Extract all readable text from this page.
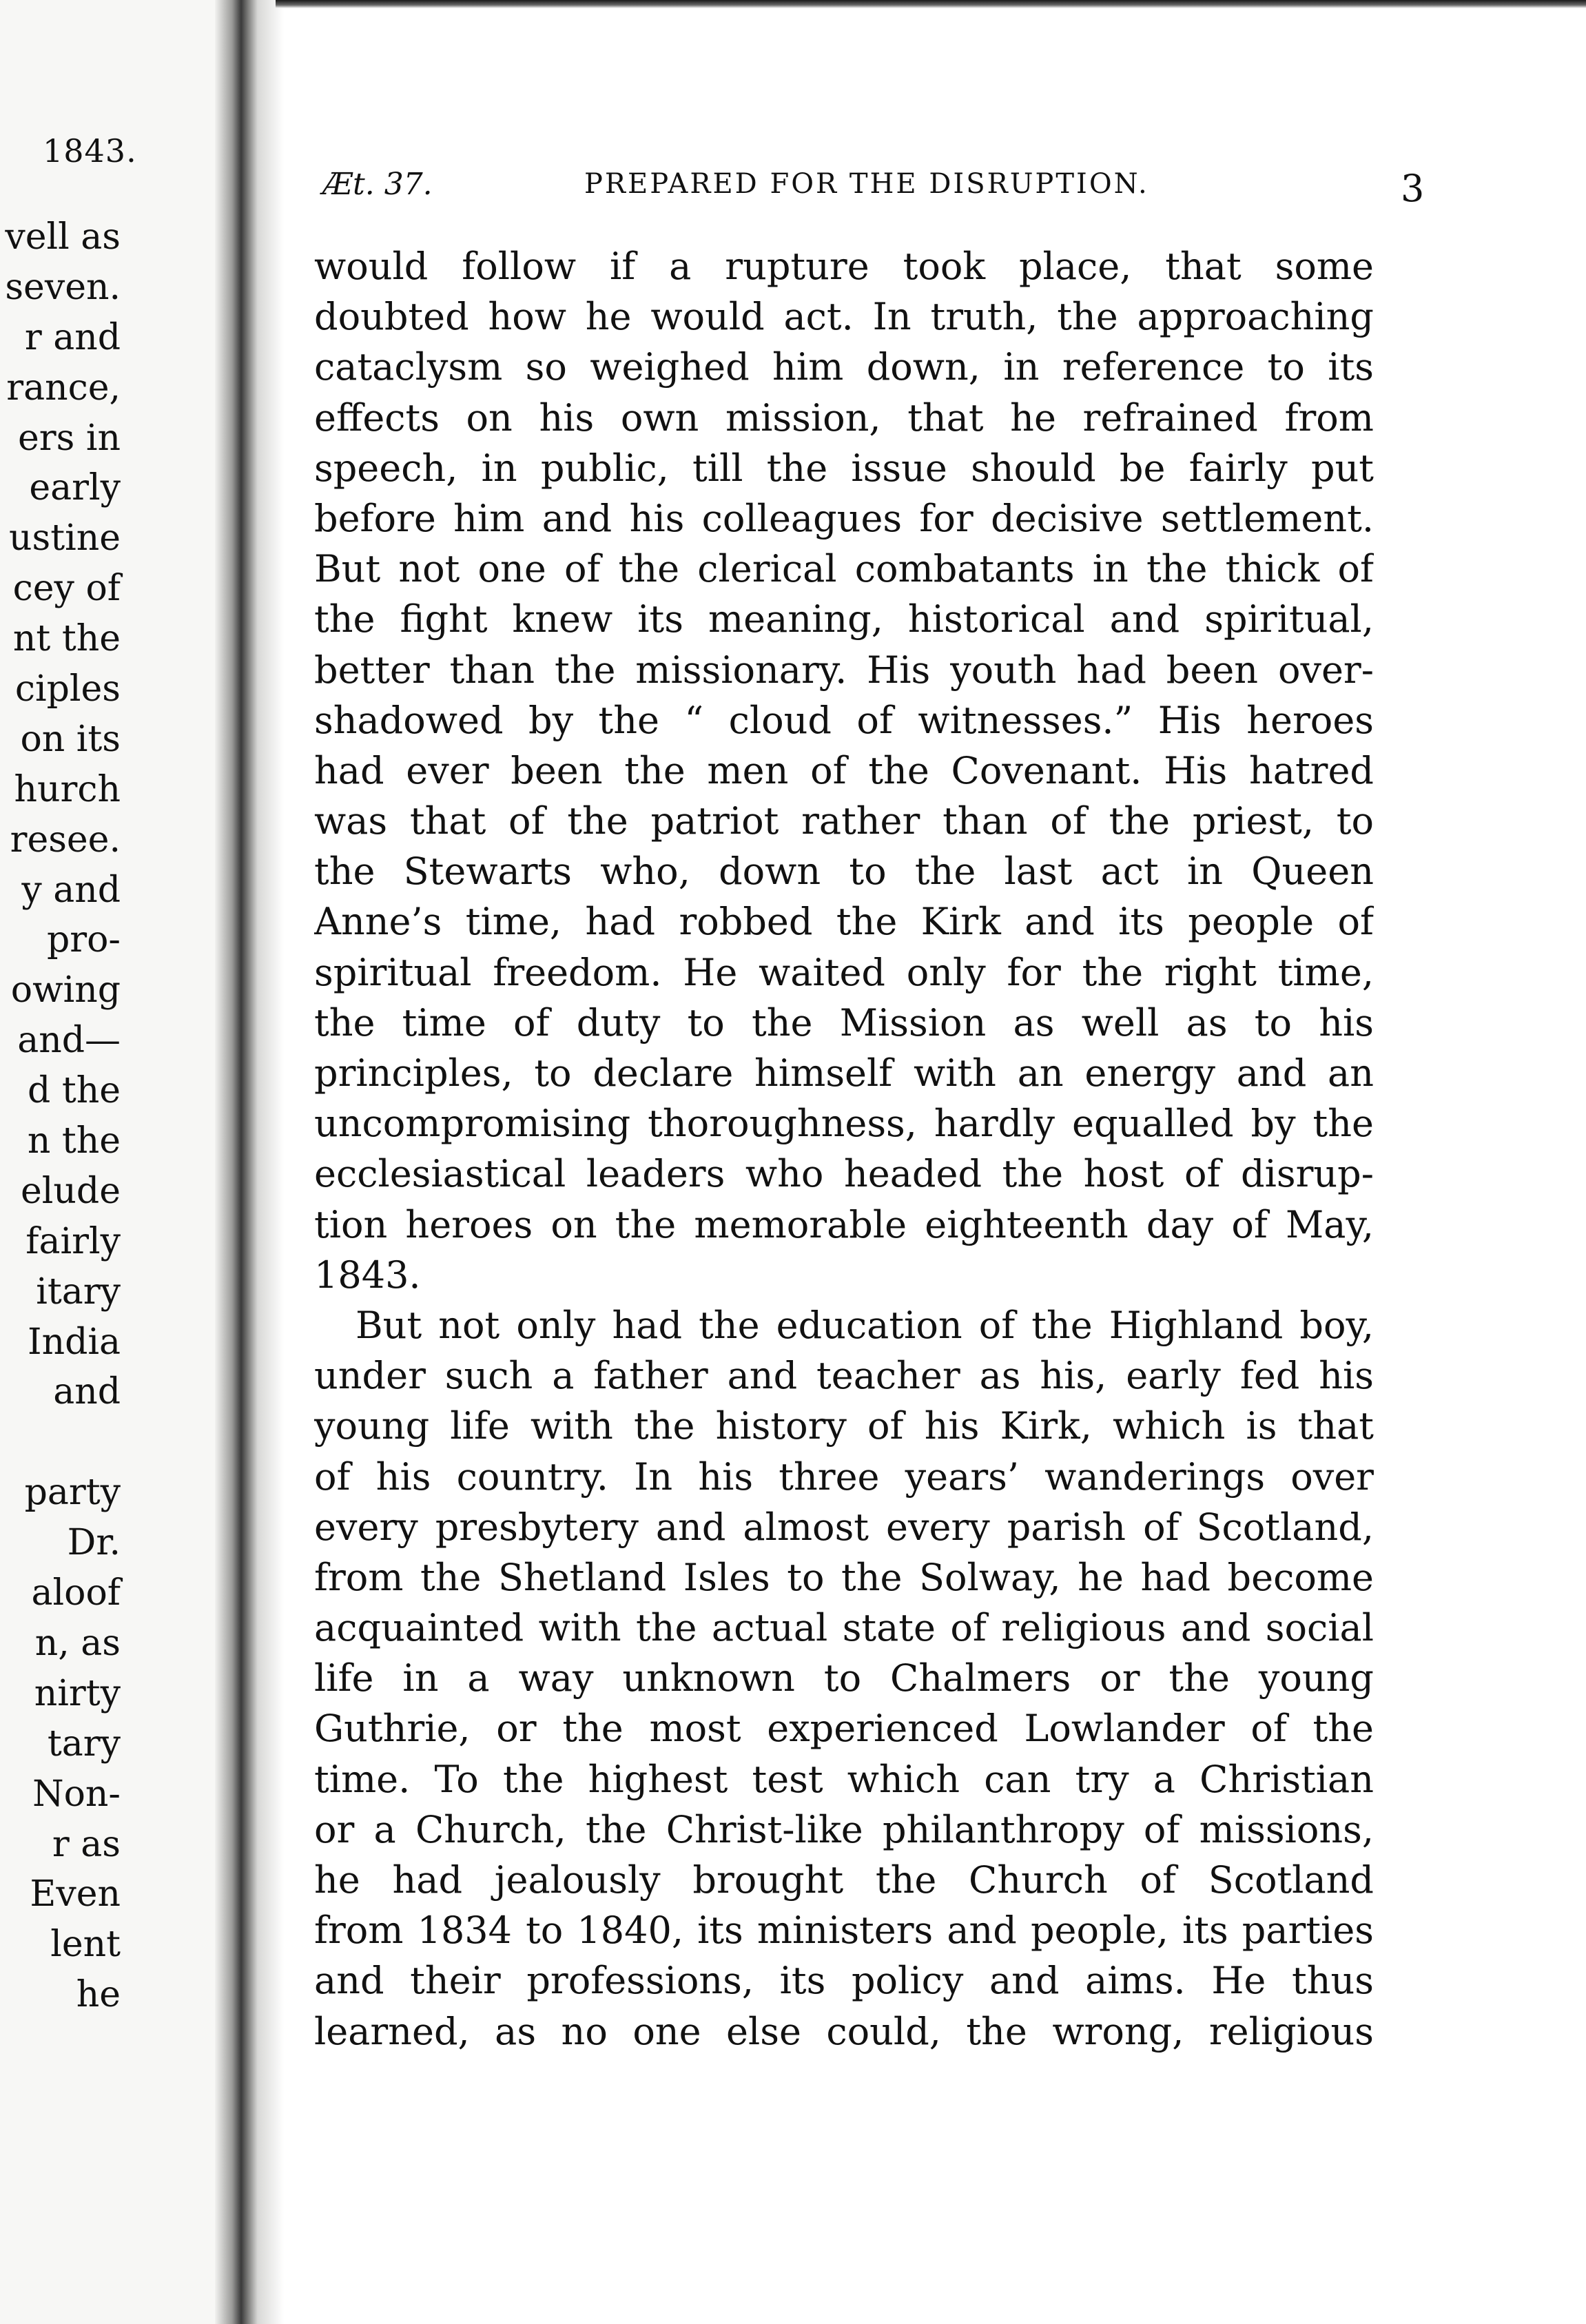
1843.
vell as
seven.
r and
rance,
ers in
early
ustine
cey of
nt the
ciples
on its
hurch
resee.
y and
pro-
owing
and—
d the
n the
elude
fairly
itary
India
and
party
Dr.
aloof
n, as
nirty
tary
Non-
r as
Even
lent
he
Æt. 37.	PREPARED FOR THE DISRUPTION.	3

would follow if a rupture took place, that some
doubted how he would act. In truth, the approaching
cataclysm so weighed him down, in reference to its
effects on his own mission, that he refrained from
speech, in public, till the issue should be fairly put
before him and his colleagues for decisive settlement.
But not one of the clerical combatants in the thick of
the fight knew its meaning, historical and spiritual,
better than the missionary. His youth had been over-
shadowed by the “ cloud of witnesses.” His heroes
had ever been the men of the Covenant. His hatred
was that of the patriot rather than of the priest, to
the Stewarts who, down to the last act in Queen
Anne’s time, had robbed the Kirk and its people of
spiritual freedom. He waited only for the right time,
the time of duty to the Mission as well as to his
principles, to declare himself with an energy and an
uncompromising thoroughness, hardly equalled by the
ecclesiastical leaders who headed the host of disrup-
tion heroes on the memorable eighteenth day of May,
1843.

But not only had the education of the Highland boy,
under such a father and teacher as his, early fed his
young life with the history of his Kirk, which is that
of his country. In his three years’ wanderings over
every presbytery and almost every parish of Scotland,
from the Shetland Isles to the Solway, he had become
acquainted with the actual state of religious and social
life in a way unknown to Chalmers or the young
Guthrie, or the most experienced Lowlander of the
time. To the highest test which can try a Christian
or a Church, the Christ-like philanthropy of missions,
he had jealously brought the Church of Scotland
from 1834 to 1840, its ministers and people, its parties
and their professions, its policy and aims. He thus
learned, as no one else could, the wrong, religious
